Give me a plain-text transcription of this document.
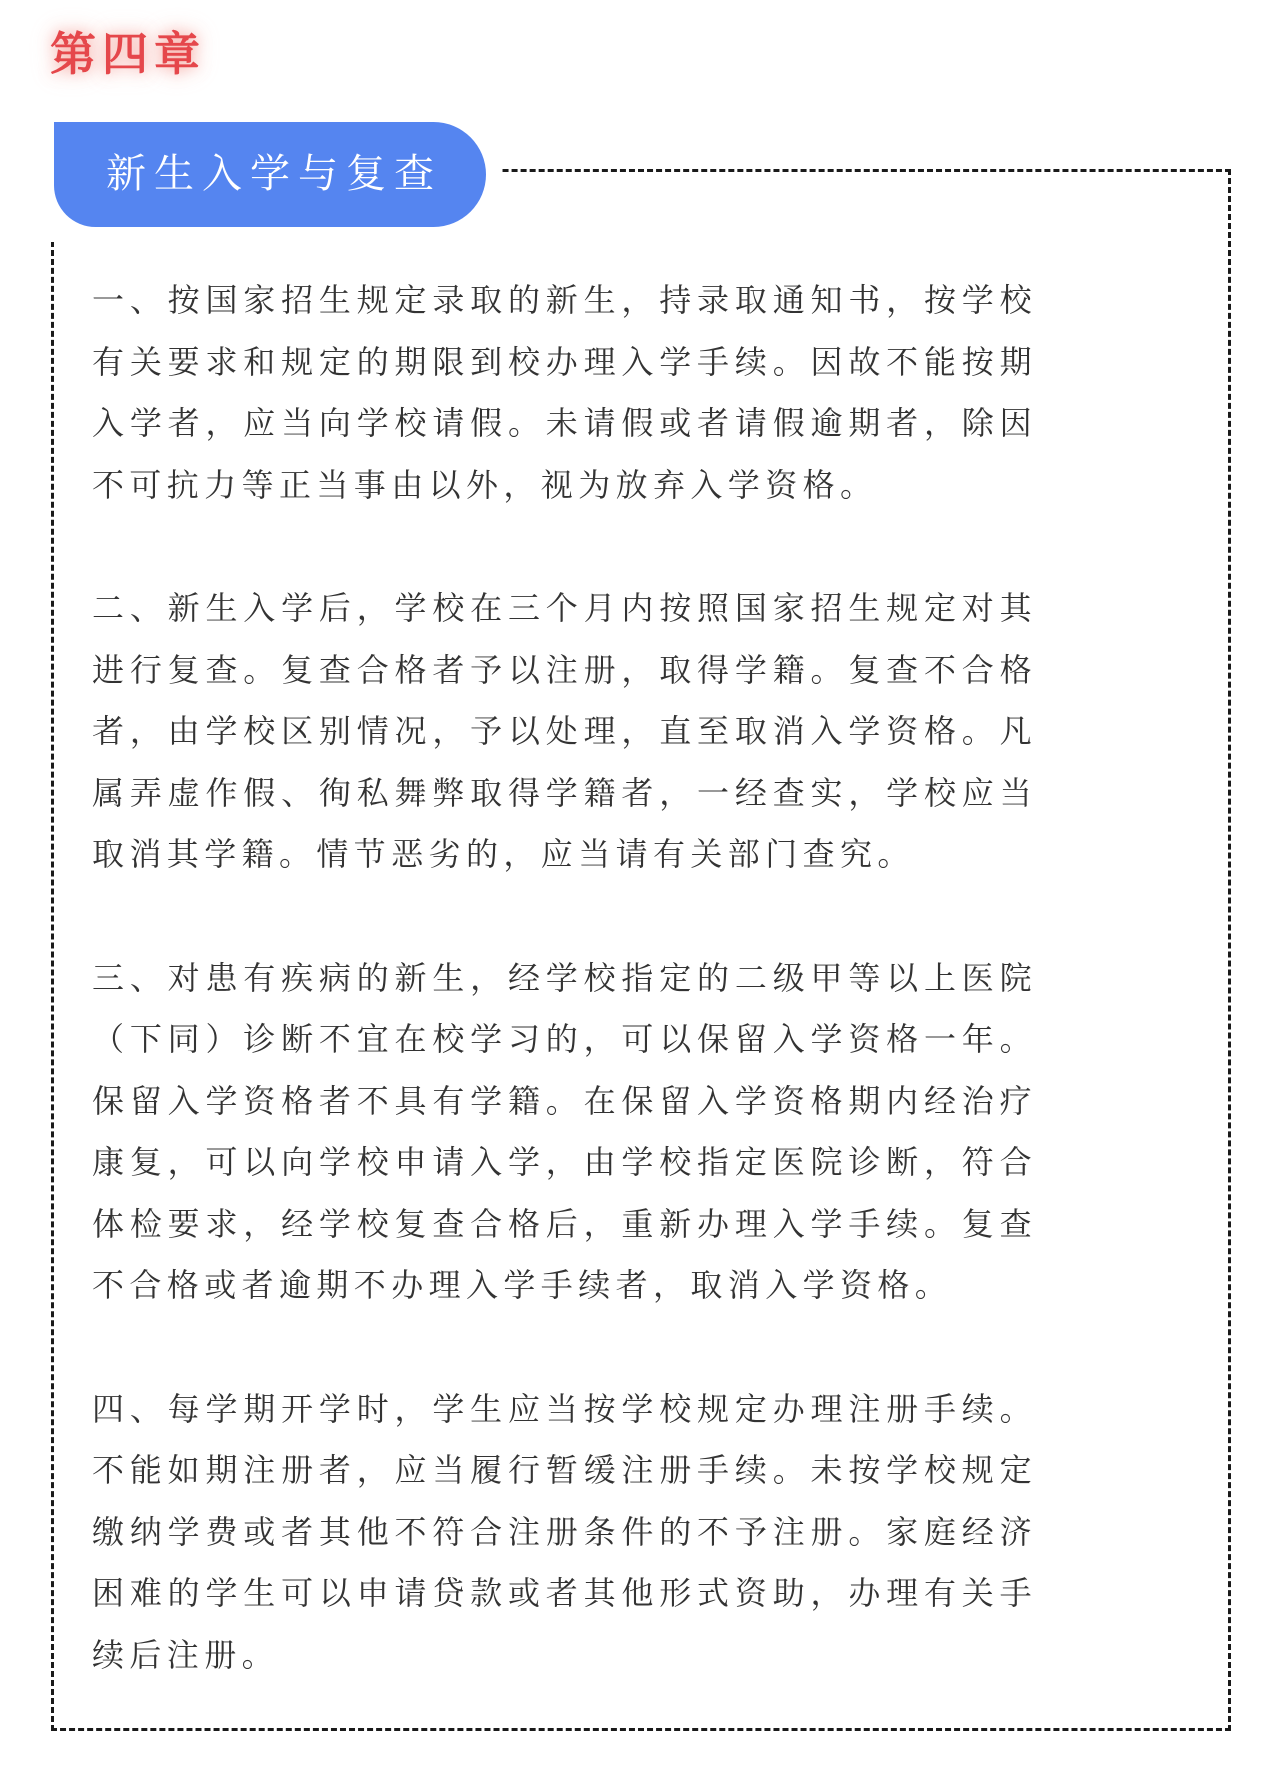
第四章
新生入学与复查

一、按国家招生规定录取的新生，持录取通知书，按学校有关要求和规定的期限到校办理入学手续。因故不能按期入学者，应当向学校请假。未请假或者请假逾期者，除因不可抗力等正当事由以外，视为放弃入学资格。

二、新生入学后，学校在三个月内按照国家招生规定对其进行复查。复查合格者予以注册，取得学籍。复查不合格者，由学校区别情况，予以处理，直至取消入学资格。凡属弄虚作假、徇私舞弊取得学籍者，一经查实，学校应当取消其学籍。情节恶劣的，应当请有关部门查究。

三、对患有疾病的新生，经学校指定的二级甲等以上医院（下同）诊断不宜在校学习的，可以保留入学资格一年。保留入学资格者不具有学籍。在保留入学资格期内经治疗康复，可以向学校申请入学，由学校指定医院诊断，符合体检要求，经学校复查合格后，重新办理入学手续。复查不合格或者逾期不办理入学手续者，取消入学资格。

四、每学期开学时，学生应当按学校规定办理注册手续。不能如期注册者，应当履行暂缓注册手续。未按学校规定缴纳学费或者其他不符合注册条件的不予注册。家庭经济困难的学生可以申请贷款或者其他形式资助，办理有关手续后注册。
